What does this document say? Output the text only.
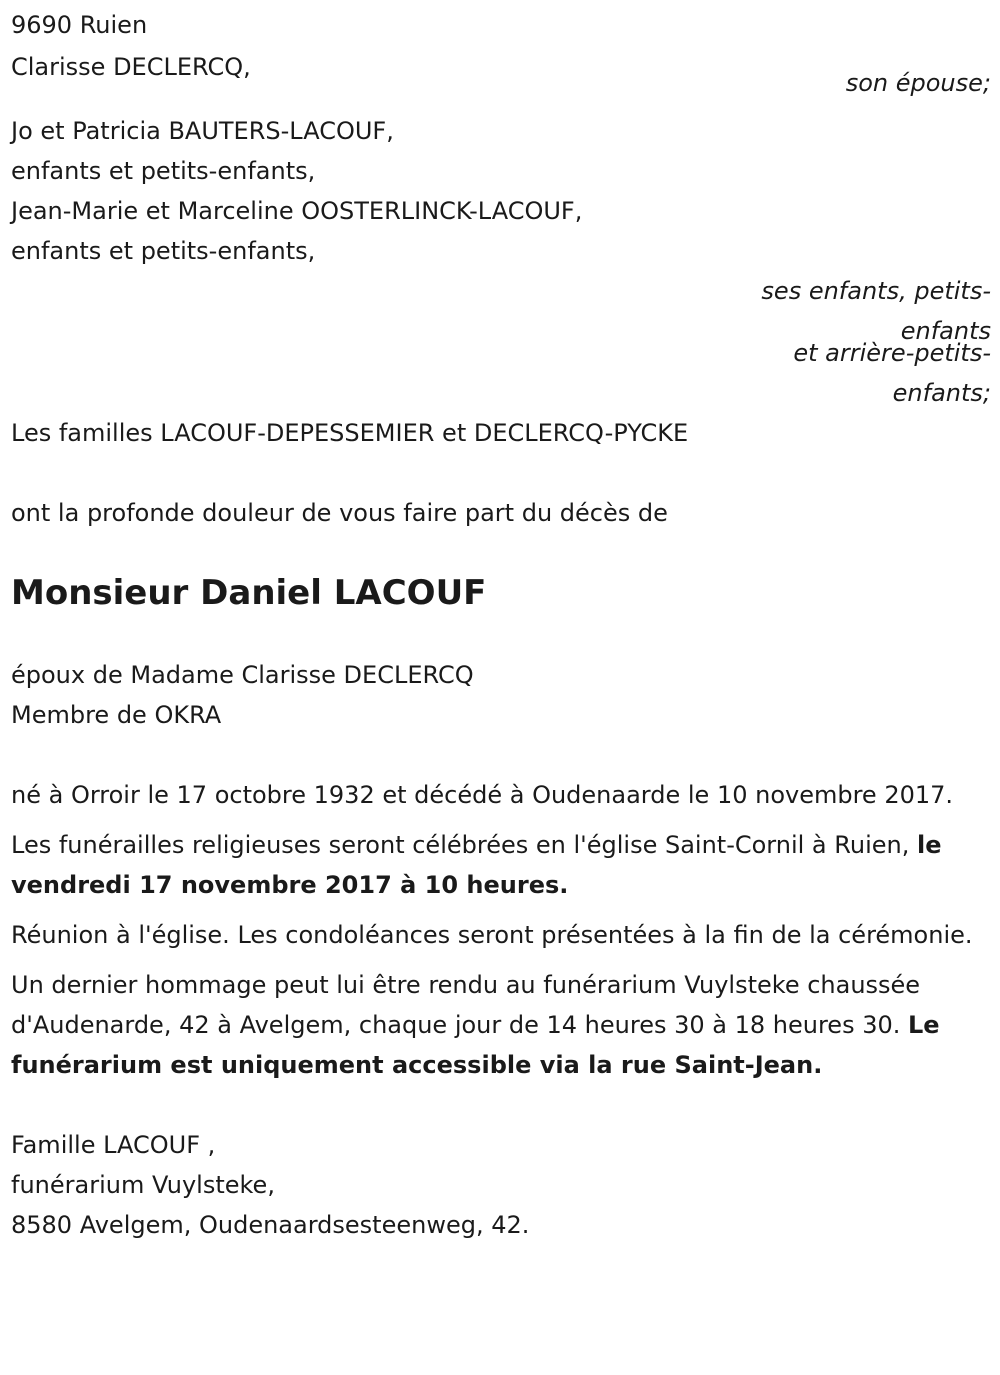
9690 Ruien
Clarisse DECLERCQ,
son épouse;
Jo et Patricia BAUTERS-LACOUF,
enfants et petits-enfants,
Jean-Marie et Marceline OOSTERLINCK-LACOUF,
enfants et petits-enfants,
ses enfants, petits-
enfants
et arrière-petits-
enfants;
Les familles LACOUF-DEPESSEMIER et DECLERCQ-PYCKE
ont la profonde douleur de vous faire part du décès de
Monsieur Daniel LACOUF
époux de Madame Clarisse DECLERCQ
Membre de OKRA
né à Orroir le 17 octobre 1932 et décédé à Oudenaarde le 10 novembre 2017.
Les funérailles religieuses seront célébrées en l'église Saint-Cornil à Ruien, le vendredi 17 novembre 2017 à 10 heures.
Réunion à l'église. Les condoléances seront présentées à la fin de la cérémonie.
Un dernier hommage peut lui être rendu au funérarium Vuylsteke chaussée d'Audenarde, 42 à Avelgem, chaque jour de 14 heures 30 à 18 heures 30. Le funérarium est uniquement accessible via la rue Saint-Jean.
Famille LACOUF ,
funérarium Vuylsteke,
8580 Avelgem, Oudenaardsesteenweg, 42.
